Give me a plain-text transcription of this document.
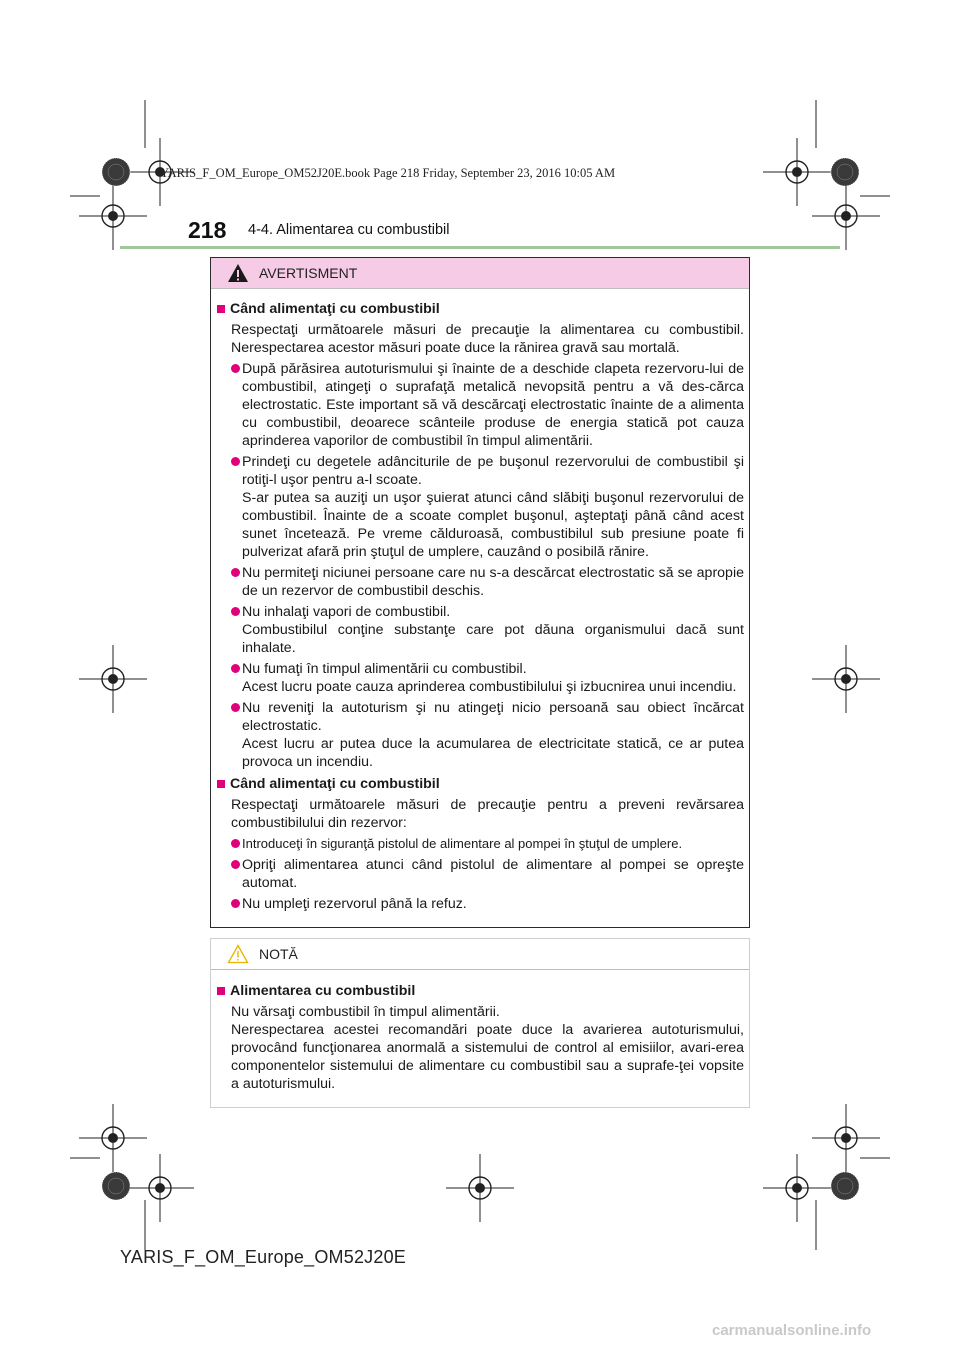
YARIS_F_OM_Europe_OM52J20E.book Page 218 Friday, September 23, 2016 10:05 AM
218 4-4. Alimentarea cu combustibil
AVERTISMENT
Când alimentaţi cu combustibil
Respectaţi următoarele măsuri de precauţie la alimentarea cu combustibil. Nerespectarea acestor măsuri poate duce la rănirea gravă sau mortală.

După părăsirea autoturismului şi înainte de a deschide clapeta rezervoru-lui de combustibil, atingeţi o suprafaţă metalică nevopsită pentru a vă des-cărca electrostatic. Este important să vă descărcaţi electrostatic înainte de a alimenta cu combustibil, deoarece scânteile produse de energia statică pot cauza aprinderea vaporilor de combustibil în timpul alimentării.

Prindeţi cu degetele adânciturile de pe buşonul rezervorului de combustibil şi rotiţi-l uşor pentru a-l scoate.

S-ar putea sa auziţi un uşor şuierat atunci când slăbiţi buşonul rezervorului de combustibil. Înainte de a scoate complet buşonul, aşteptaţi până când acest sunet încetează. Pe vreme călduroasă, combustibilul sub presiune poate fi pulverizat afară prin ştuţul de umplere, cauzând o posibilă rănire.

Nu permiteţi niciunei persoane care nu s-a descărcat electrostatic să se apropie de un rezervor de combustibil deschis.

Nu inhalaţi vapori de combustibil.

Combustibilul conţine substanţe care pot dăuna organismului dacă sunt inhalate.

Nu fumaţi în timpul alimentării cu combustibil.

Acest lucru poate cauza aprinderea combustibilului şi izbucnirea unui incendiu.

Nu reveniţi la autoturism şi nu atingeţi nicio persoană sau obiect încărcat electrostatic.

Acest lucru ar putea duce la acumularea de electricitate statică, ce ar putea provoca un incendiu.

Când alimentaţi cu combustibil
Respectaţi următoarele măsuri de precauţie pentru a preveni revărsarea combustibilului din rezervor:

Introduceţi în siguranţă pistolul de alimentare al pompei în ştuţul de umplere.

Opriţi alimentarea atunci când pistolul de alimentare al pompei se opreşte automat.

Nu umpleţi rezervorul până la refuz.

NOTĂ
Alimentarea cu combustibil
Nu vărsaţi combustibil în timpul alimentării.
Nerespectarea acestei recomandări poate duce la avarierea autoturismului, provocând funcţionarea anormală a sistemului de control al emisiilor, avari-erea componentelor sistemului de alimentare cu combustibil sau a suprafe-ţei vopsite a autoturismului.
YARIS_F_OM_Europe_OM52J20E
carmanualsonline.info
